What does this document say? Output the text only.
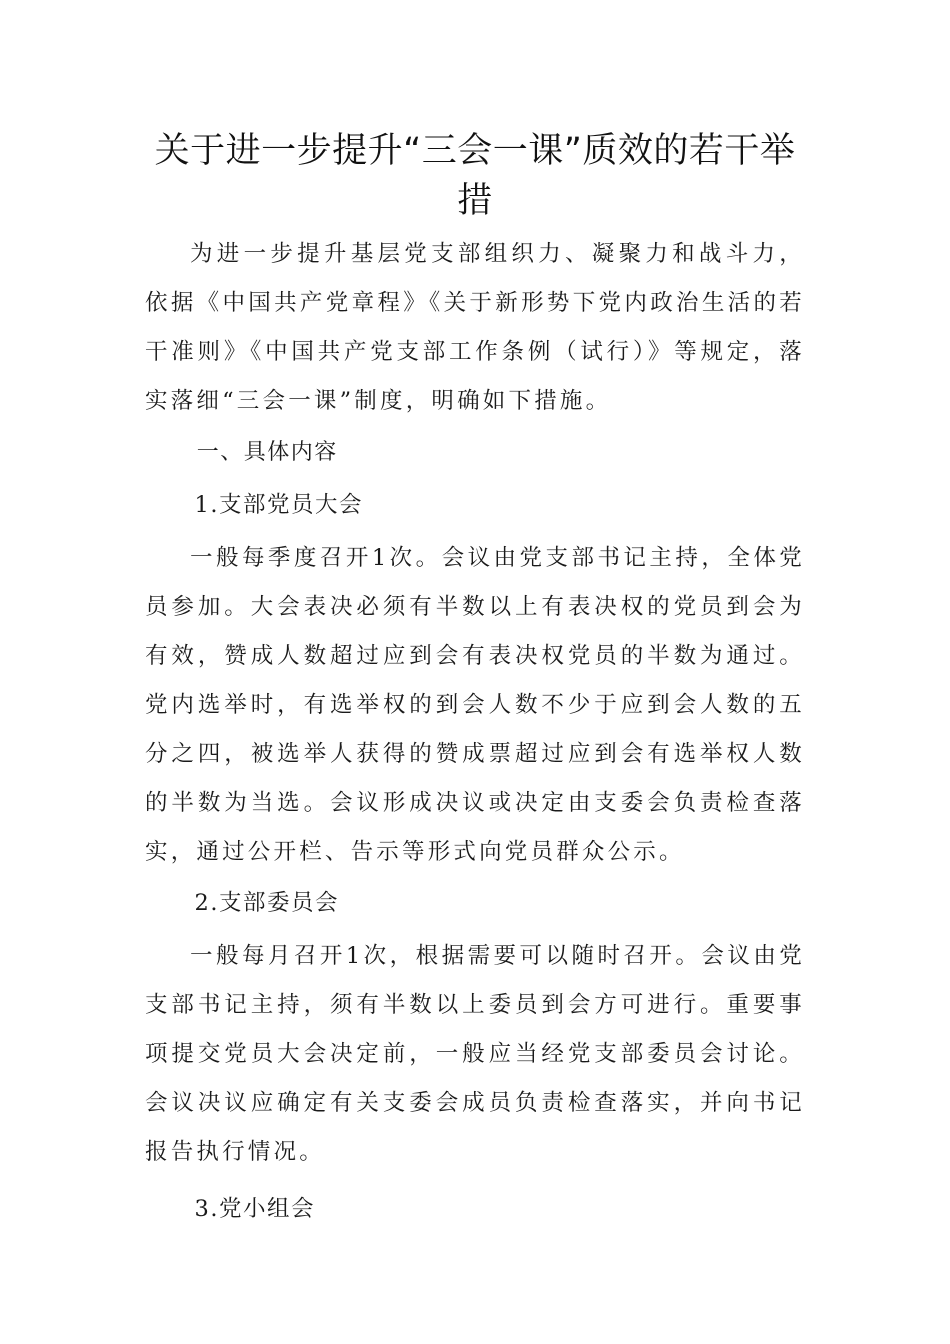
关于进一步提升“三会一课”质效的若干举措

为进一步提升基层党支部组织力、凝聚力和战斗力，依据《中国共产党章程》《关于新形势下党内政治生活的若干准则》《中国共产党支部工作条例（试行）》等规定，落实落细“三会一课”制度，明确如下措施。

一、具体内容

1.支部党员大会

一般每季度召开1次。会议由党支部书记主持，全体党员参加。大会表决必须有半数以上有表决权的党员到会为有效，赞成人数超过应到会有表决权党员的半数为通过。党内选举时，有选举权的到会人数不少于应到会人数的五分之四，被选举人获得的赞成票超过应到会有选举权人数的半数为当选。会议形成决议或决定由支委会负责检查落实，通过公开栏、告示等形式向党员群众公示。

2.支部委员会

一般每月召开1次，根据需要可以随时召开。会议由党支部书记主持，须有半数以上委员到会方可进行。重要事项提交党员大会决定前，一般应当经党支部委员会讨论。会议决议应确定有关支委会成员负责检查落实，并向书记报告执行情况。

3.党小组会
